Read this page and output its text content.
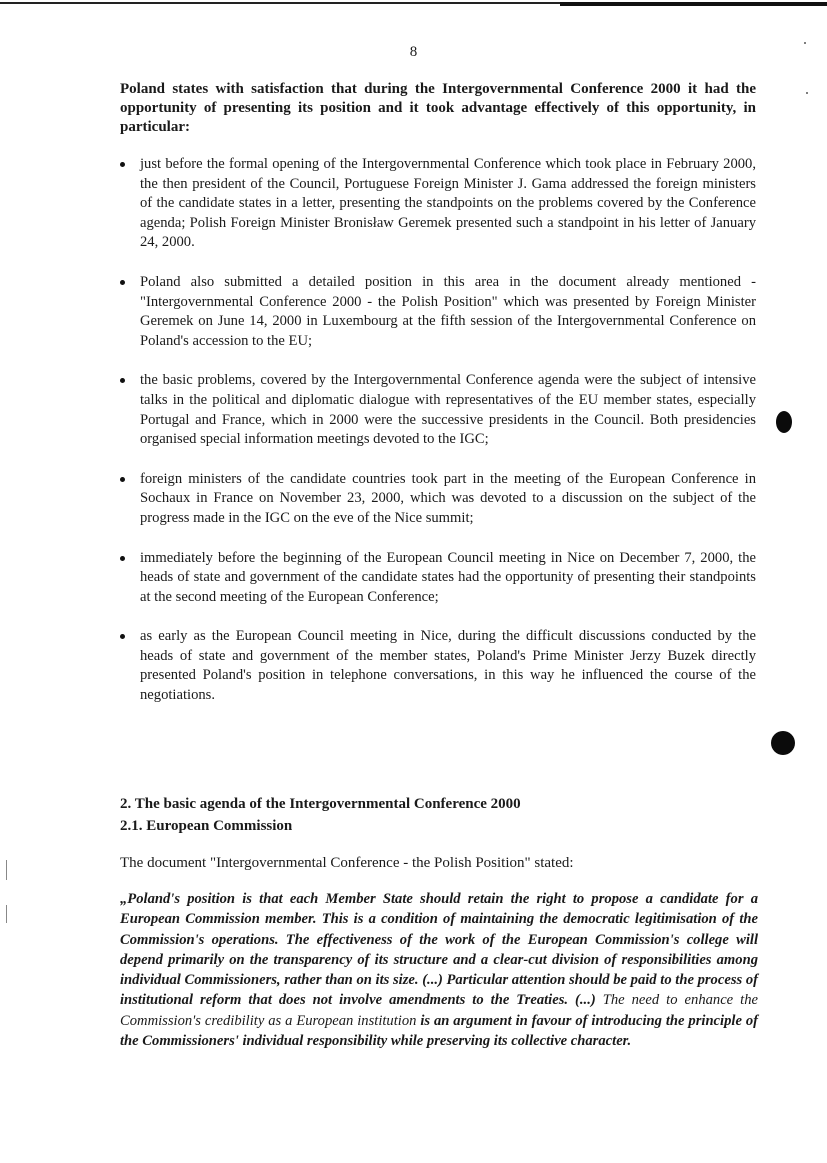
8

Poland states with satisfaction that during the Intergovernmental Conference 2000 it had the opportunity of presenting its position and it took advantage effectively of this opportunity, in particular:

just before the formal opening of the Intergovernmental Conference which took place in February 2000, the then president of the Council, Portuguese Foreign Minister J. Gama addressed the foreign ministers of the candidate states in a letter, presenting the standpoints on the problems covered by the Conference agenda; Polish Foreign Minister Bronisław Geremek presented such a standpoint in his letter of January 24, 2000.
Poland also submitted a detailed position in this area in the document already mentioned - "Intergovernmental Conference 2000 - the Polish Position" which was presented by Foreign Minister Geremek on June 14, 2000 in Luxembourg at the fifth session of the Intergovernmental Conference on Poland's accession to the EU;
the basic problems, covered by the Intergovernmental Conference agenda were the subject of intensive talks in the political and diplomatic dialogue with representatives of the EU member states, especially Portugal and France, which in 2000 were the successive presidents in the Council. Both presidencies organised special information meetings devoted to the IGC;
foreign ministers of the candidate countries took part in the meeting of the European Conference in Sochaux in France on November 23, 2000, which was devoted to a discussion on the subject of the progress made in the IGC on the eve of the Nice summit;
immediately before the beginning of the European Council meeting in Nice on December 7, 2000, the heads of state and government of the candidate states had the opportunity of presenting their standpoints at the second meeting of the European Conference;
as early as the European Council meeting in Nice, during the difficult discussions conducted by the heads of state and government of the member states, Poland's Prime Minister Jerzy Buzek directly presented Poland's position in telephone conversations, in this way he influenced the course of the negotiations.
2. The basic agenda of the Intergovernmental Conference 2000
2.1. European Commission

The document "Intergovernmental Conference - the Polish Position" stated:

„Poland's position is that each Member State should retain the right to propose a candidate for a European Commission member. This is a condition of maintaining the democratic legitimisation of the Commission's operations. The effectiveness of the work of the European Commission's college will depend primarily on the transparency of its structure and a clear-cut division of responsibilities among individual Commissioners, rather than on its size. (...) Particular attention should be paid to the process of institutional reform that does not involve amendments to the Treaties. (...) The need to enhance the Commission's credibility as a European institution is an argument in favour of introducing the principle of the Commissioners' individual responsibility while preserving its collective character.
